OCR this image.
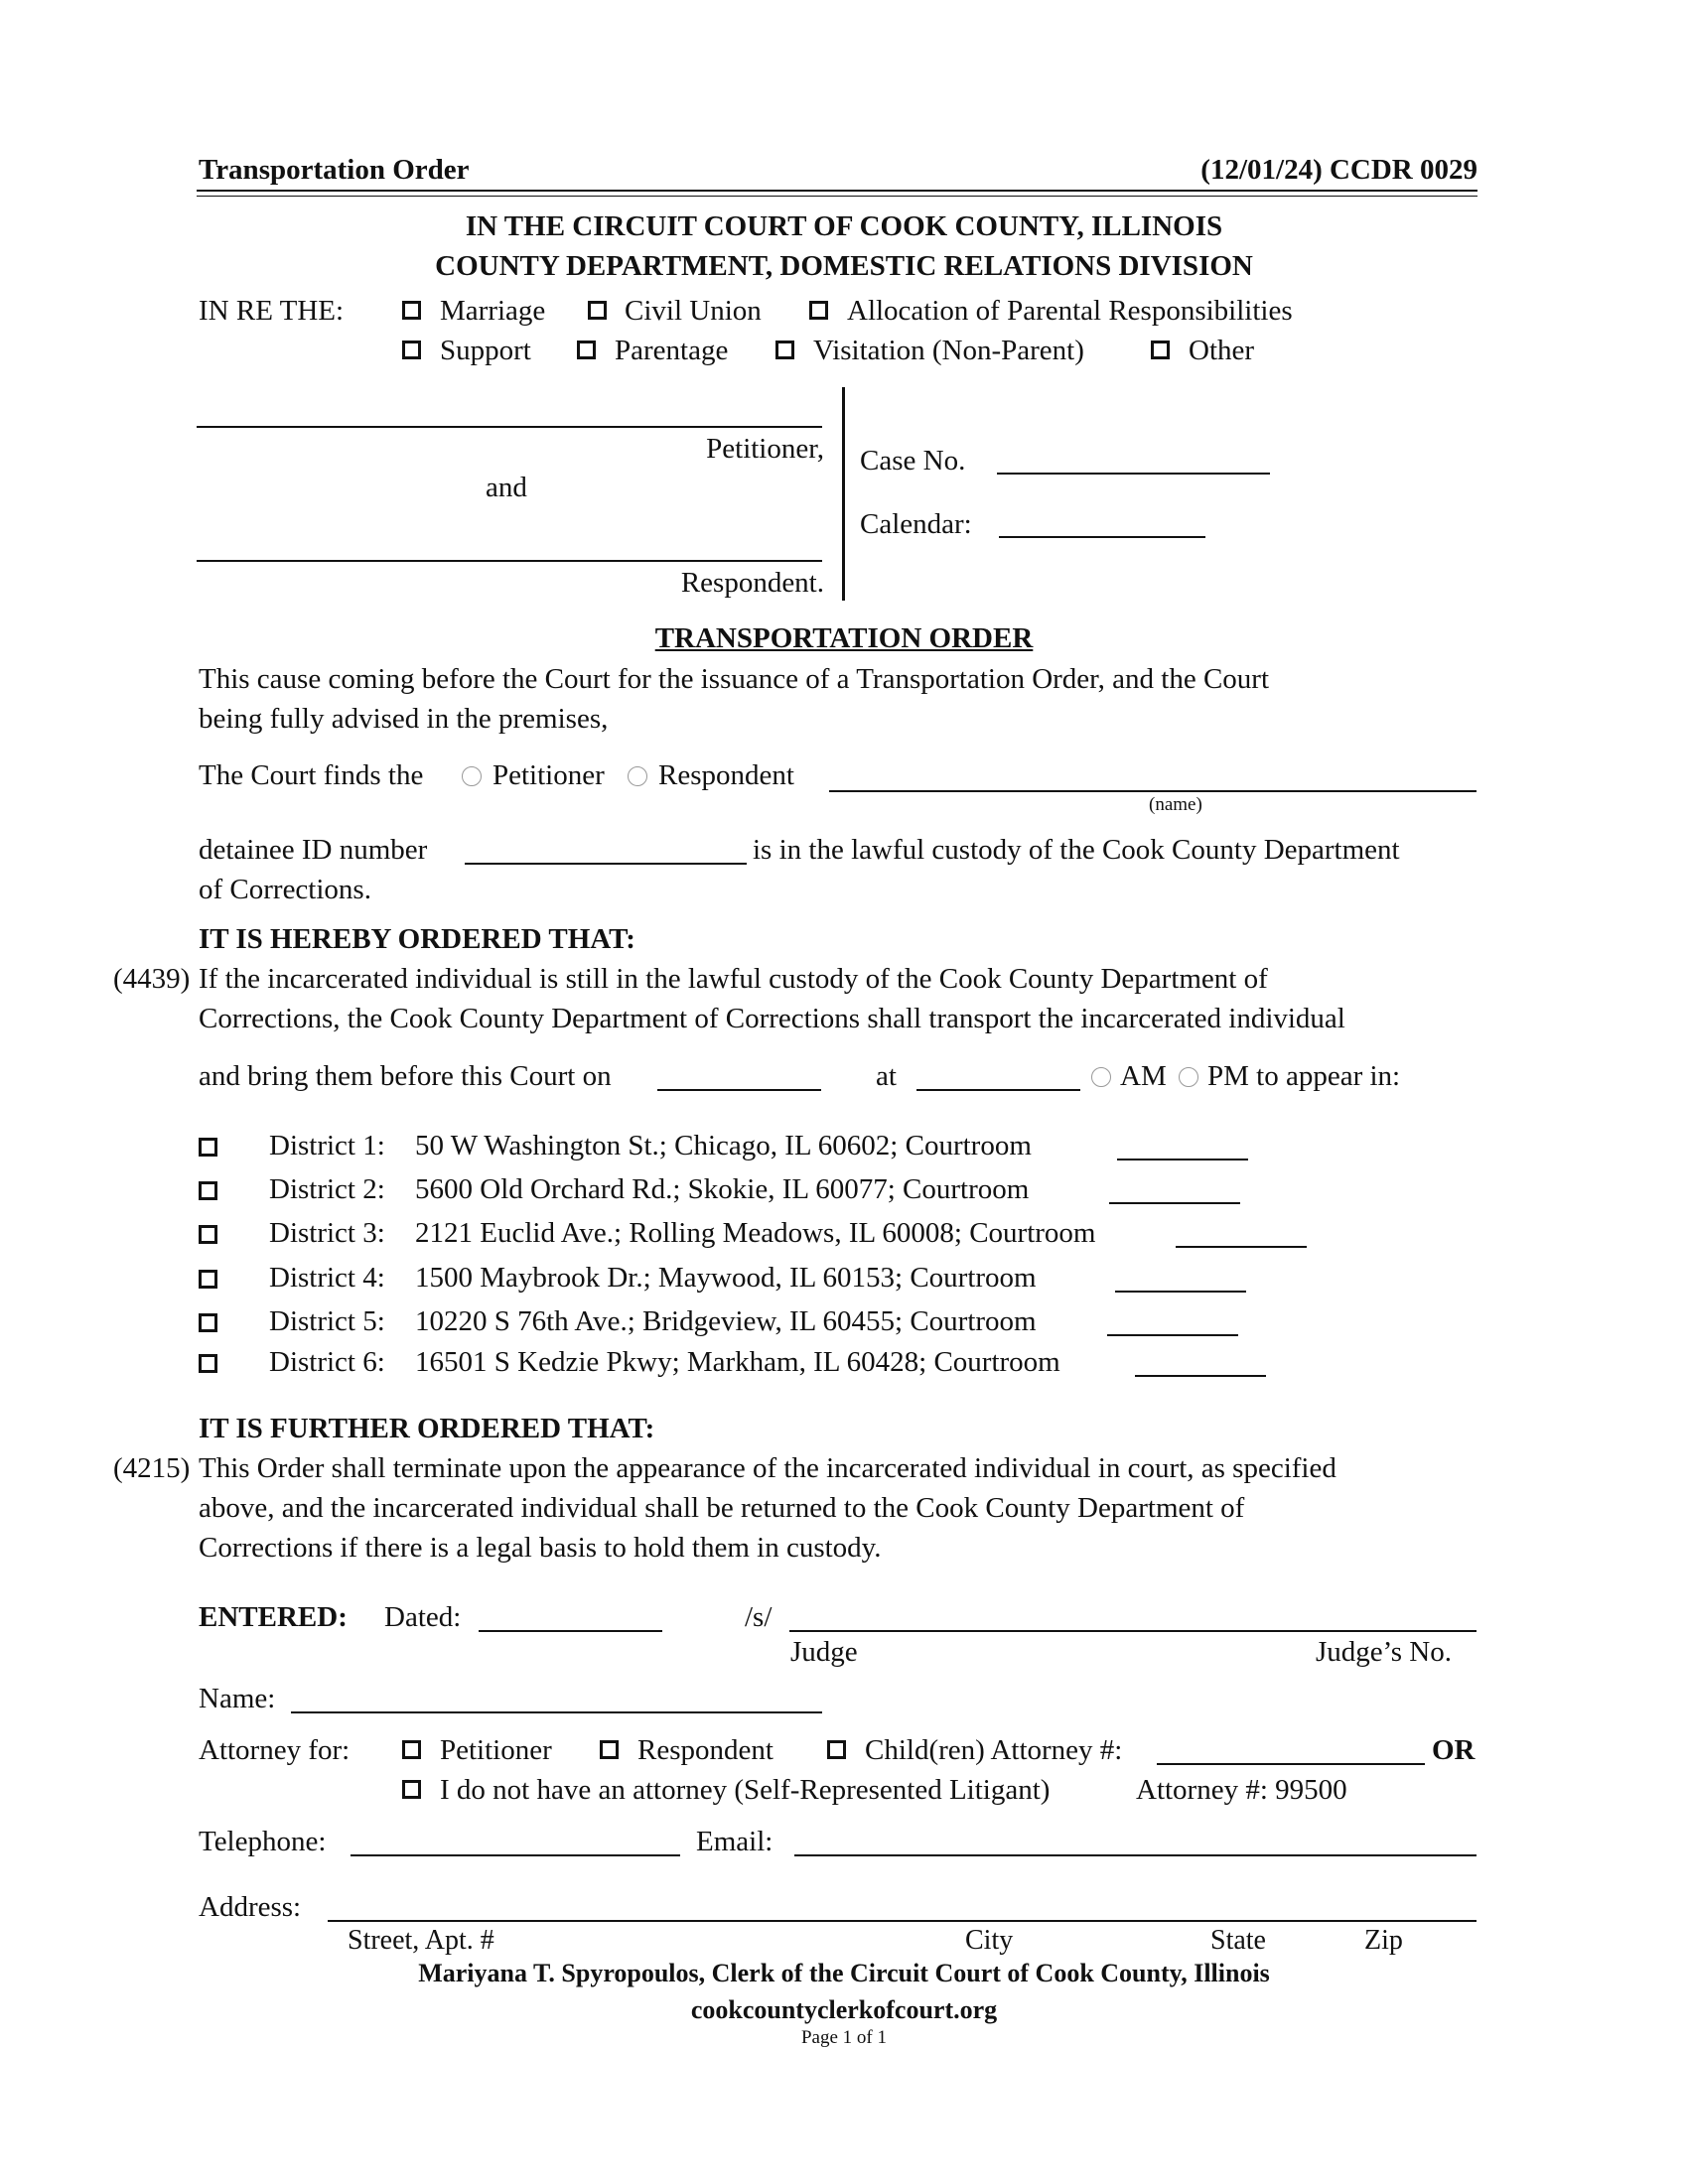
Transportation Order	(12/01/24) CCDR 0029
IN THE CIRCUIT COURT OF COOK COUNTY, ILLINOIS
COUNTY DEPARTMENT, DOMESTIC RELATIONS DIVISION
IN RE THE:	Marriage	Civil Union	Allocation of Parental Responsibilities
Support	Parentage	Visitation (Non-Parent)	Other
Petitioner,
and
Respondent.
Case No.
Calendar:
TRANSPORTATION ORDER
This cause coming before the Court for the issuance of a Transportation Order, and the Court
being fully advised in the premises,
The Court finds the Petitioner Respondent
(name)
detainee ID number	is in the lawful custody of the Cook County Department
of Corrections.
IT IS HEREBY ORDERED THAT:
(4439) If the incarcerated individual is still in the lawful custody of the Cook County Department of
Corrections, the Cook County Department of Corrections shall transport the incarcerated individual
and bring them before this Court on	at	AM PM to appear in:
District 1: 50 W Washington St.; Chicago, IL 60602; Courtroom
District 2: 5600 Old Orchard Rd.; Skokie, IL 60077; Courtroom
District 3: 2121 Euclid Ave.; Rolling Meadows, IL 60008; Courtroom
District 4: 1500 Maybrook Dr.; Maywood, IL 60153; Courtroom
District 5: 10220 S 76th Ave.; Bridgeview, IL 60455; Courtroom
District 6: 16501 S Kedzie Pkwy; Markham, IL 60428; Courtroom
IT IS FURTHER ORDERED THAT:
(4215) This Order shall terminate upon the appearance of the incarcerated individual in court, as specified
above, and the incarcerated individual shall be returned to the Cook County Department of
Corrections if there is a legal basis to hold them in custody.
ENTERED: Dated:	/s/
Judge	Judge’s No.
Name:
Attorney for:	Petitioner	Respondent	Child(ren) Attorney #:	OR
I do not have an attorney (Self-Represented Litigant)	Attorney #: 99500
Telephone:	Email:
Address:
Street, Apt. #	City	State	Zip
Mariyana T. Spyropoulos, Clerk of the Circuit Court of Cook County, Illinois
cookcountyclerkofcourt.org
Page 1 of 1
